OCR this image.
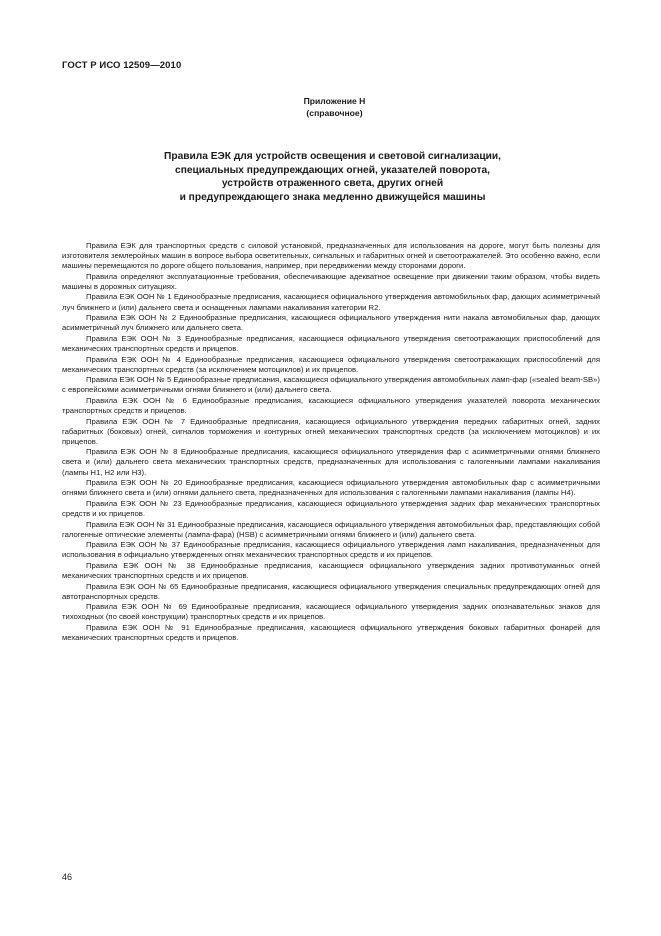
ГОСТ Р ИСО 12509—2010
Приложение Н
(справочное)
Правила ЕЭК для устройств освещения и световой сигнализации,
специальных предупреждающих огней, указателей поворота,
устройств отраженного света, других огней
и предупреждающего знака медленно движущейся машины

Правила ЕЭК для транспортных средств с силовой установкой, предназначенных для использования на дороге, могут быть полезны для изготовителя землеройных машин в вопросе выбора осветительных, сигнальных и габаритных огней и светоотражателей. Это особенно важно, если машины перемещаются по дороге общего пользования, например, при передвижении между сторонами дороги.

Правила определяют эксплуатационные требования, обеспечивающие адекватное освещение при движении таким образом, чтобы видеть машины в дорожных ситуациях.

Правила ЕЭК ООН № 1 Единообразные предписания, касающиеся официального утверждения автомобильных фар, дающих асимметричный луч ближнего и (или) дальнего света и оснащенных лампами накаливания категории R2.

Правила ЕЭК ООН № 2 Единообразные предписания, касающиеся официального утверждения нити накала автомобильных фар, дающих асимметричный луч ближнего или дальнего света.

Правила ЕЭК ООН № 3 Единообразные предписания, касающиеся официального утверждения светоотражающих приспособлений для механических транспортных средств и прицепов.

Правила ЕЭК ООН № 4 Единообразные предписания, касающиеся официального утверждения светоотражающих приспособлений для механических транспортных средств (за исключением мотоциклов) и их прицепов.

Правила ЕЭК ООН № 5 Единообразные предписания, касающиеся официального утверждения автомобильных ламп-фар («sealed beam-SB») с европейскими асимметричными огнями ближнего и (или) дальнего света.

Правила ЕЭК ООН № 6 Единообразные предписания, касающиеся официального утверждения указателей поворота механических транспортных средств и прицепов.

Правила ЕЭК ООН № 7 Единообразные предписания, касающиеся официального утверждения передних габаритных огней, задних габаритных (боковых) огней, сигналов торможения и контурных огней механических транспортных средств (за исключением мотоциклов) и их прицепов.

Правила ЕЭК ООН № 8 Единообразные предписания, касающиеся официального утверждения фар с асимметричными огнями ближнего света и (или) дальнего света механических транспортных средств, предназначенных для использования с галогенными лампами накаливания (лампы H1, H2 или H3).

Правила ЕЭК ООН № 20 Единообразные предписания, касающиеся официального утверждения автомобильных фар с асимметричными огнями ближнего света и (или) огнями дальнего света, предназначенных для использования с галогенными лампами накаливания (лампы H4).

Правила ЕЭК ООН № 23 Единообразные предписания, касающиеся официального утверждения задних фар механических транспортных средств и их прицепов.

Правила ЕЭК ООН № 31 Единообразные предписания, касающиеся официального утверждения автомобильных фар, представляющих собой галогенные оптические элементы (лампа-фара) (HSB) с асимметричными огнями ближнего и (или) дальнего света.

Правила ЕЭК ООН № 37 Единообразные предписания, касающиеся официального утверждения ламп накаливания, предназначенных для использования в официально утвержденных огнях механических транспортных средств и их прицепов.

Правила ЕЭК ООН № 38 Единообразные предписания, касающиеся официального утверждения задних противотуманных огней механических транспортных средств и их прицепов.

Правила ЕЭК ООН № 65 Единообразные предписания, касающиеся официального утверждения специальных предупреждающих огней для автотранспортных средств.

Правила ЕЭК ООН № 69 Единообразные предписания, касающиеся официального утверждения задних опознавательных знаков для тихоходных (по своей конструкции) транспортных средств и их прицепов.

Правила ЕЭК ООН № 91 Единообразные предписания, касающиеся официального утверждения боковых габаритных фонарей для механических транспортных средств и прицепов.

46
